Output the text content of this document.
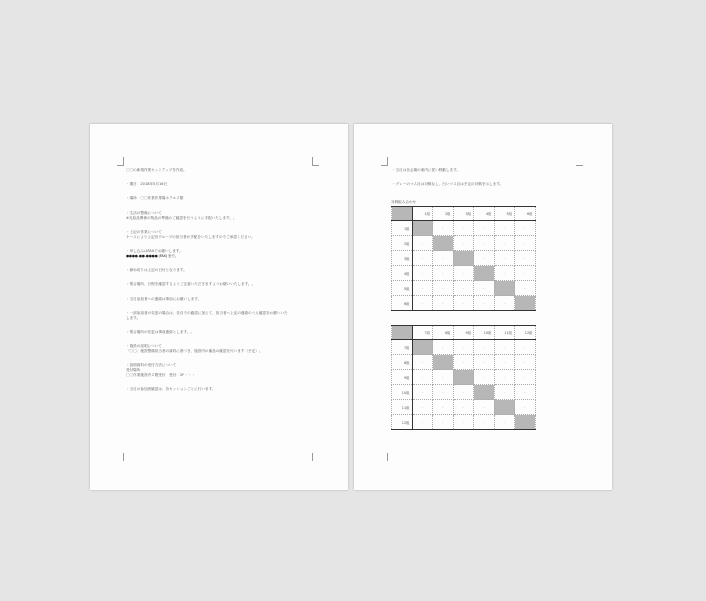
〇〇の新規作業セットアップを作成。
・期日：2018年5月16日
・場所：〇〇作業作業場ホテル２階
・生活の整備について
※支給品関係の物品の準備のご確認を行うように手配いたします。。
・上記の作業について
ケースにより上記各グループの担当者が手配をいたしますのでご承認ください。
・申し込みはFAXでお願いします。
●●●●-●●-●●●● (FAX) まで。
・締め切りは上記の日付となります。
・集合場所、日程を確認するようご注意いただきますようお願いいたします。。
・当日参加者への連絡は事前にお願いします。
・一部参加者の変更の場合は、各自での確認に加えて、担当者へ上記の連絡のうえ確認をお願いいた
します。
・集合場所の変更は事前連絡とします。。
・施設の説明について
「〇〇」施設整備担当者の資料に基づき、施設内の備品の確認を行います（予定）。
・説明資料の受付方法について
受付場所
〇〇作業施設内２階受付　受付：2F・・・
・当日の参加者確認は、各セッションごとに行います。
・当日は各会場の案内に従い移動します。
・グレーのマス目は対戦なし、白いマス目は予定の対戦を示します。
対戦組み合わせ
	1組	2組	3組	4組	5組	6組
1組		-	-	-	-	-
2組	-		-	-	-	-
3組	-	-		-	-	-
4組	-	-	-		-	-
5組	-	-	-	-		-
6組	-	-	-	-	-	
	7組	8組	9組	10組	11組	12組
7組		-	-	-	-	-
8組	-		-	-	-	-
9組	-	-		-	-	-
10組	-	-	-		-	-
11組	-	-	-	-		-
12組	-	-	-	-	-	
